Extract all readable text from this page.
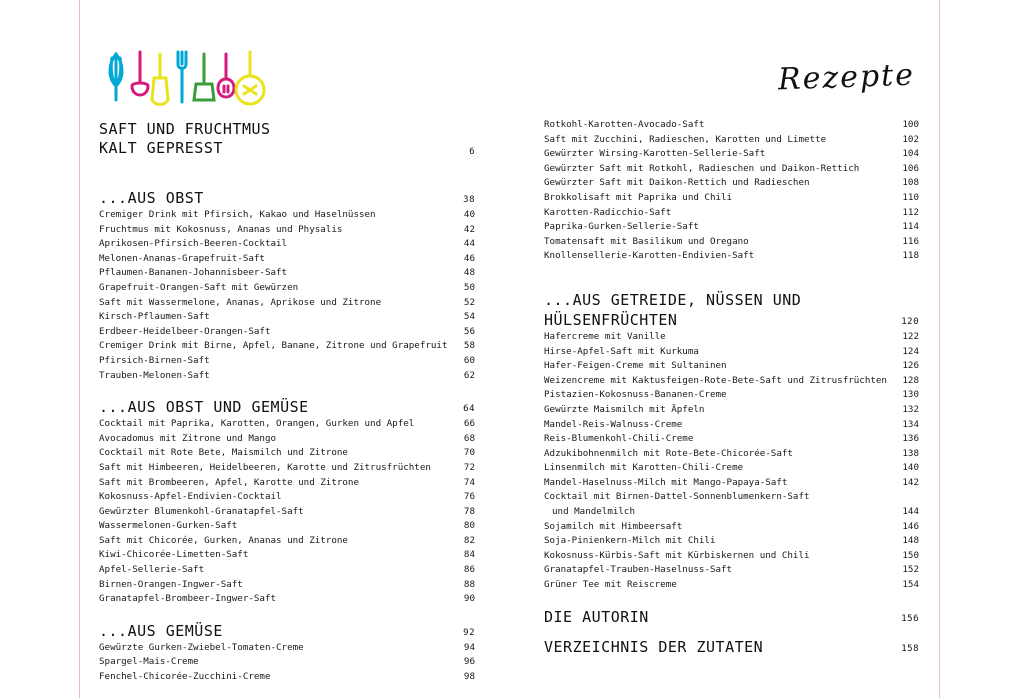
Rezepte
SAFT UND FRUCHTMUS
KALT GEPRESST	6
...AUS OBST	38
Cremiger Drink mit Pfirsich, Kakao und Haselnüssen	40
Fruchtmus mit Kokosnuss, Ananas und Physalis	42
Aprikosen-Pfirsich-Beeren-Cocktail	44
Melonen-Ananas-Grapefruit-Saft	46
Pflaumen-Bananen-Johannisbeer-Saft	48
Grapefruit-Orangen-Saft mit Gewürzen	50
Saft mit Wassermelone, Ananas, Aprikose und Zitrone	52
Kirsch-Pflaumen-Saft	54
Erdbeer-Heidelbeer-Orangen-Saft	56
Cremiger Drink mit Birne, Apfel, Banane, Zitrone und Grapefruit 58
Pfirsich-Birnen-Saft	60
Trauben-Melonen-Saft	62
...AUS OBST UND GEMÜSE	64
Cocktail mit Paprika, Karotten, Orangen, Gurken und Apfel	66
Avocadomus mit Zitrone und Mango	68
Cocktail mit Rote Bete, Maismilch und Zitrone	70
Saft mit Himbeeren, Heidelbeeren, Karotte und Zitrusfrüchten	72
Saft mit Brombeeren, Apfel, Karotte und Zitrone	74
Kokosnuss-Apfel-Endivien-Cocktail	76
Gewürzter Blumenkohl-Granatapfel-Saft	78
Wassermelonen-Gurken-Saft	80
Saft mit Chicorée, Gurken, Ananas und Zitrone	82
Kiwi-Chicorée-Limetten-Saft	84
Apfel-Sellerie-Saft	86
Birnen-Orangen-Ingwer-Saft	88
Granatapfel-Brombeer-Ingwer-Saft	90
...AUS GEMÜSE	92
Gewürzte Gurken-Zwiebel-Tomaten-Creme	94
Spargel-Mais-Creme	96
Fenchel-Chicorée-Zucchini-Creme	98
Rotkohl-Karotten-Avocado-Saft	100
Saft mit Zucchini, Radieschen, Karotten und Limette	102
Gewürzter Wirsing-Karotten-Sellerie-Saft	104
Gewürzter Saft mit Rotkohl, Radieschen und Daikon-Rettich	106
Gewürzter Saft mit Daikon-Rettich und Radieschen	108
Brokkolisaft mit Paprika und Chili	110
Karotten-Radicchio-Saft	112
Paprika-Gurken-Sellerie-Saft	114
Tomatensaft mit Basilikum und Oregano	116
Knollensellerie-Karotten-Endivien-Saft	118
...AUS GETREIDE, NÜSSEN UND
HÜLSENFRÜCHTEN	120
Hafercreme mit Vanille	122
Hirse-Apfel-Saft mit Kurkuma	124
Hafer-Feigen-Creme mit Sultaninen	126
Weizencreme mit Kaktusfeigen-Rote-Bete-Saft und Zitrusfrüchten 128
Pistazien-Kokosnuss-Bananen-Creme	130
Gewürzte Maismilch mit Äpfeln	132
Mandel-Reis-Walnuss-Creme	134
Reis-Blumenkohl-Chili-Creme	136
Adzukibohnenmilch mit Rote-Bete-Chicorée-Saft	138
Linsenmilch mit Karotten-Chili-Creme	140
Mandel-Haselnuss-Milch mit Mango-Papaya-Saft	142
Cocktail mit Birnen-Dattel-Sonnenblumenkern-Saft
und Mandelmilch	144
Sojamilch mit Himbeersaft	146
Soja-Pinienkern-Milch mit Chili	148
Kokosnuss-Kürbis-Saft mit Kürbiskernen und Chili	150
Granatapfel-Trauben-Haselnuss-Saft	152
Grüner Tee mit Reiscreme	154
DIE AUTORIN	156
VERZEICHNIS DER ZUTATEN	158
